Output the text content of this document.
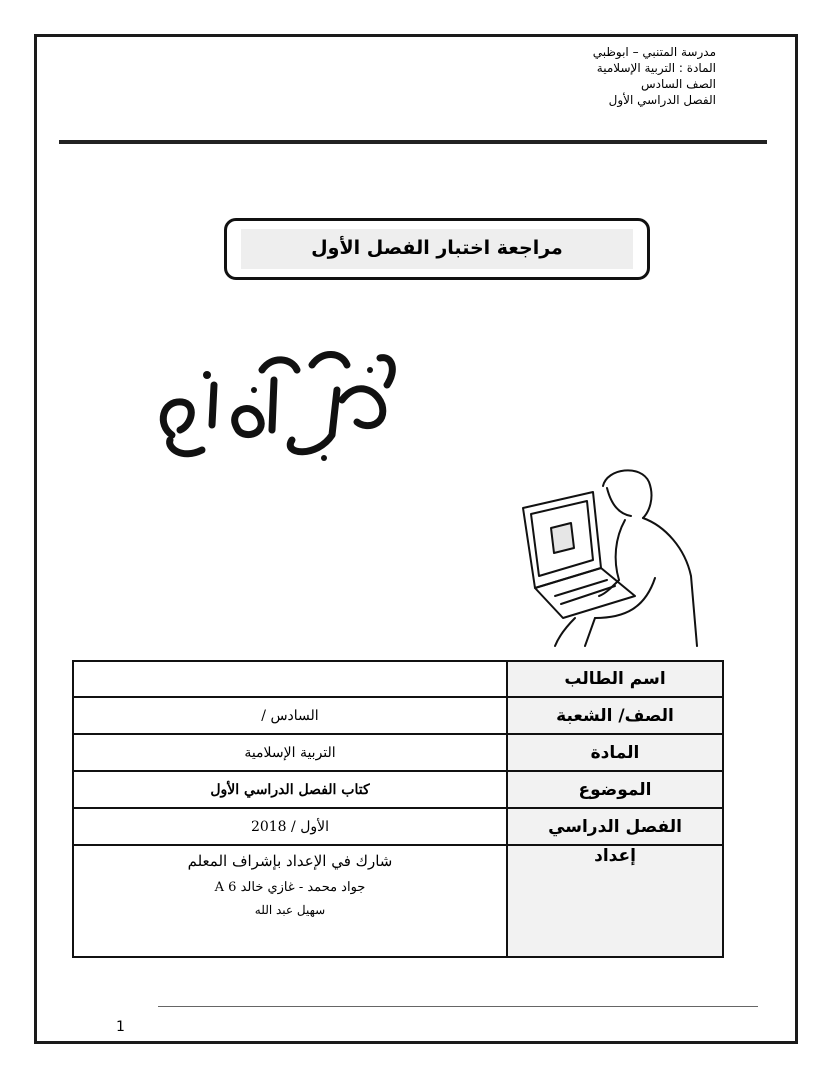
مدرسة المتنبي – ابوظبي
المادة : التربية الإسلامية
الصف السادس
الفصل الدراسي الأول
مراجعة اختبار الفصل الأول
اسم الطالب	
الصف/ الشعبة	السادس /
المادة	التربية الإسلامية
الموضوع	كتاب الفصل الدراسي الأول
الفصل الدراسي	الأول / 2018
إعداد	شارك في الإعداد بإشراف المعلم
جواد محمد - غازي خالد A 6
سهيل عبد الله
1
